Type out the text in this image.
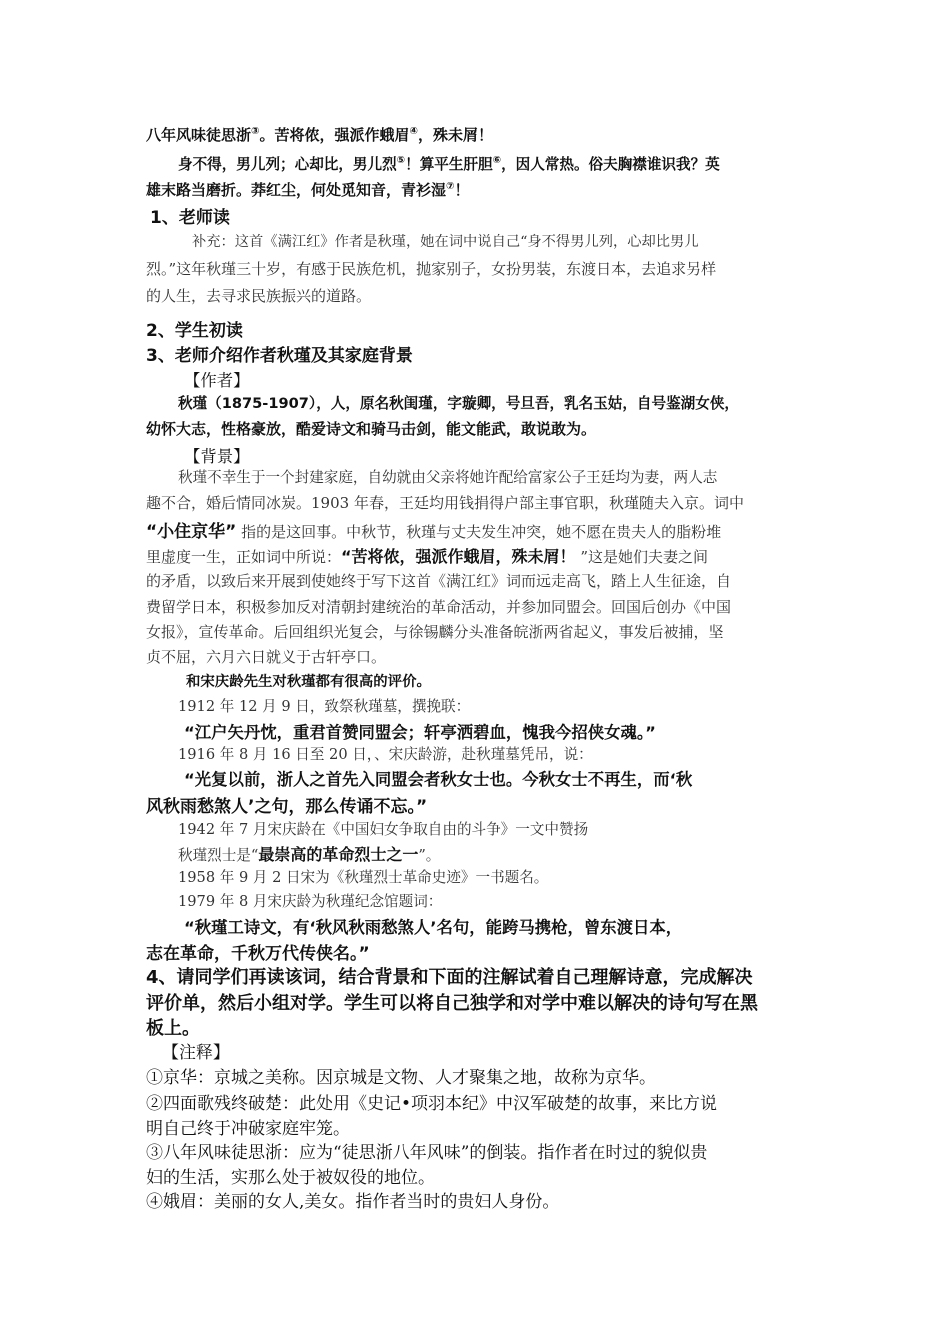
八年风味徒思浙③。苦将侬，强派作蛾眉④，殊未屑！
身不得，男儿列；心却比，男儿烈⑤！算平生肝胆⑥，因人常热。俗夫胸襟谁识我？英
雄末路当磨折。莽红尘，何处觅知音，青衫湿⑦！
1、老师读
补充：这首《满江红》作者是秋瑾，她在词中说自己“身不得男儿列，心却比男儿
烈。”这年秋瑾三十岁，有感于民族危机，抛家别子，女扮男装，东渡日本，去追求另样
的人生，去寻求民族振兴的道路。
2、学生初读
3、老师介绍作者秋瑾及其家庭背景
【作者】
秋瑾（1875-1907），人，原名秋闺瑾，字璇卿，号旦吾，乳名玉姑，自号鉴湖女侠，
幼怀大志，性格豪放，酷爱诗文和骑马击剑，能文能武，敢说敢为。
【背景】
秋瑾不幸生于一个封建家庭，自幼就由父亲将她许配给富家公子王廷均为妻，两人志
趣不合，婚后情同冰炭。1903 年春，王廷均用钱捐得户部主事官职，秋瑾随夫入京。词中
“小住京华” 指的是这回事。中秋节，秋瑾与丈夫发生冲突，她不愿在贵夫人的脂粉堆
里虚度一生，正如词中所说：“苦将侬，强派作蛾眉，殊未屑！ ”这是她们夫妻之间
的矛盾，以致后来开展到使她终于写下这首《满江红》词而远走高飞，踏上人生征途，自
费留学日本，积极参加反对清朝封建统治的革命活动，并参加同盟会。回国后创办《中国
女报》，宣传革命。后回组织光复会，与徐锡麟分头准备皖浙两省起义，事发后被捕，坚
贞不屈，六月六日就义于古轩亭口。
和宋庆龄先生对秋瑾都有很高的评价。
1912 年 12 月 9 日，致祭秋瑾墓，撰挽联：
“江户矢丹忱，重君首赞同盟会；轩亭洒碧血，愧我今招侠女魂。”
1916 年 8 月 16 日至 20 日，、宋庆龄游，赴秋瑾墓凭吊，说：
“光复以前，浙人之首先入同盟会者秋女士也。今秋女士不再生，而‘秋
风秋雨愁煞人’之句，那么传诵不忘。”
1942 年 7 月宋庆龄在《中国妇女争取自由的斗争》一文中赞扬
秋瑾烈士是“最崇高的革命烈士之一”。
1958 年 9 月 2 日宋为《秋瑾烈士革命史迹》一书题名。
1979 年 8 月宋庆龄为秋瑾纪念馆题词：
“秋瑾工诗文，有‘秋风秋雨愁煞人’名句，能跨马携枪，曾东渡日本，
志在革命，千秋万代传侠名。”
4、请同学们再读该词，结合背景和下面的注解试着自己理解诗意，完成解决
评价单，然后小组对学。学生可以将自己独学和对学中难以解决的诗句写在黑
板上。
【注释】
①京华：京城之美称。因京城是文物、人才聚集之地，故称为京华。
②四面歌残终破楚：此处用《史记•项羽本纪》中汉军破楚的故事，来比方说
明自己终于冲破家庭牢笼。
③八年风味徒思浙：应为“徒思浙八年风味”的倒装。指作者在时过的貌似贵
妇的生活，实那么处于被奴役的地位。
④娥眉：美丽的女人,美女。指作者当时的贵妇人身份。
